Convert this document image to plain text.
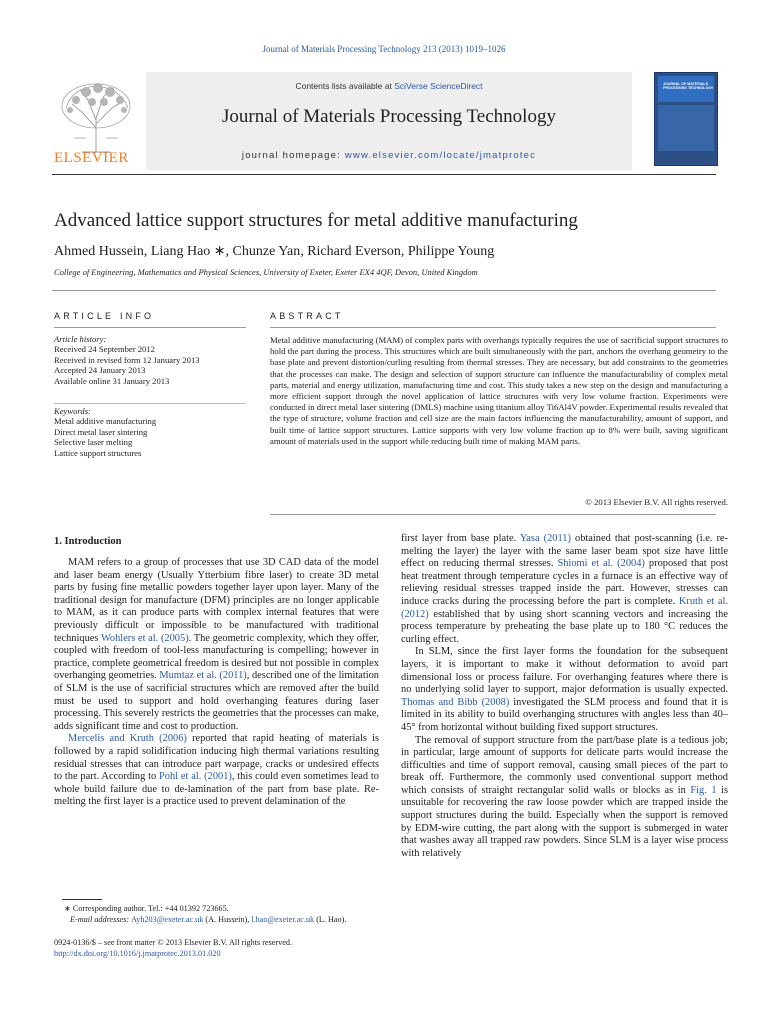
Journal of Materials Processing Technology 213 (2013) 1019–1026
ELSEVIER
Contents lists available at SciVerse ScienceDirect
Journal of Materials Processing Technology
journal homepage: www.elsevier.com/locate/jmatprotec
JOURNAL OF MATERIALS PROCESSING TECHNOLOGY
Advanced lattice support structures for metal additive manufacturing
Ahmed Hussein, Liang Hao ∗, Chunze Yan, Richard Everson, Philippe Young
College of Engineering, Mathematics and Physical Sciences, University of Exeter, Exeter EX4 4QF, Devon, United Kingdom
ARTICLE INFO	ABSTRACT
Article history:
Received 24 September 2012
Received in revised form 12 January 2013
Accepted 24 January 2013
Available online 31 January 2013
Keywords:
Metal additive manufacturing
Direct metal laser sintering
Selective laser melting
Lattice support structures
Metal additive manufacturing (MAM) of complex parts with overhangs typically requires the use of sacrificial support structures to hold the part during the process. This structures which are built simultaneously with the part, anchors the overhang geometry to the base plate and prevent distortion/curling resulting from thermal stresses. They are necessary, but add constraints to the geometries that the processes can make. The design and selection of support structure can influence the manufacturability of complex metal parts, material and energy utilization, manufacturing time and cost. This study takes a new step on the design and manufacturing a more efficient support through the novel application of lattice structures with very low volume fraction. Experiments were conducted in direct metal laser sintering (DMLS) machine using titanium alloy Ti6Al4V powder. Experimental results revealed that the type of structure, volume fraction and cell size are the main factors influencing the manufacturability, amount of support, and built time of lattice support structures. Lattice supports with very low volume fraction up to 8% were built, saving significant amount of materials used in the support while reducing built time of making MAM parts.
© 2013 Elsevier B.V. All rights reserved.
1. Introduction

MAM refers to a group of processes that use 3D CAD data of the model and laser beam energy (Usually Ytterbium fibre laser) to create 3D metal parts by fusing fine metallic powders together layer upon layer. Many of the traditional design for manufacture (DFM) principles are no longer applicable to MAM, as it can produce parts with complex internal features that were previously difficult or impossible to be manufactured with traditional techniques Wohlers et al. (2005). The geometric complexity, which they offer, coupled with freedom of tool-less manufacturing is compelling; however in practice, complete geometrical freedom is desired but not possible in complex overhanging geometries. Mumtaz et al. (2011), described one of the limitation of SLM is the use of sacrificial structures which are removed after the build must be used to support and hold overhanging features during laser processing. This severely restricts the geometries that the processes can make, adds significant time and cost to production.

Mercelis and Kruth (2006) reported that rapid heating of materials is followed by a rapid solidification inducing high thermal variations resulting residual stresses that can introduce part warpage, cracks or undesired effects to the part. According to Pohl et al. (2001), this could even sometimes lead to whole build failure due to de-lamination of the part from base plate. Re-melting the first layer is a practice used to prevent delamination of the

first layer from base plate. Yasa (2011) obtained that post-scanning (i.e. re-melting the layer) the layer with the same laser beam spot size have little effect on reducing thermal stresses. Shiomi et al. (2004) proposed that post heat treatment through temperature cycles in a furnace is an effective way of relieving residual stresses trapped inside the part. However, stresses can induce cracks during the processing before the part is complete. Kruth et al. (2012) established that by using short scanning vectors and increasing the process temperature by preheating the base plate up to 180 °C reduces the curling effect.

In SLM, since the first layer forms the foundation for the subsequent layers, it is important to make it without deformation to avoid part dimensional loss or process failure. For overhanging features where there is no underlying solid layer to support, major deformation is usually expected. Thomas and Bibb (2008) investigated the SLM process and found that it is limited in its ability to build overhanging structures with angles less than 40–45° from horizontal without building fixed support structures.

The removal of support structure from the part/base plate is a tedious job; in particular, large amount of supports for delicate parts would increase the difficulties and time of support removal, causing small pieces of the part to break off. Furthermore, the commonly used conventional support method which consists of straight rectangular solid walls or blocks as in Fig. 1 is unsuitable for recovering the raw loose powder which are trapped inside the support structures during the build. Especially when the support is removed by EDM-wire cutting, the part along with the support is submerged in water that washes away all trapped raw powders. Since SLM is a layer wise process with relatively

∗ Corresponding author. Tel.: +44 01392 723665.
E-mail addresses: Ayh203@exeter.ac.uk (A. Hussein), l.hao@exeter.ac.uk (L. Hao).
0924-0136/$ – see front matter © 2013 Elsevier B.V. All rights reserved.
http://dx.doi.org/10.1016/j.jmatprotec.2013.01.020
